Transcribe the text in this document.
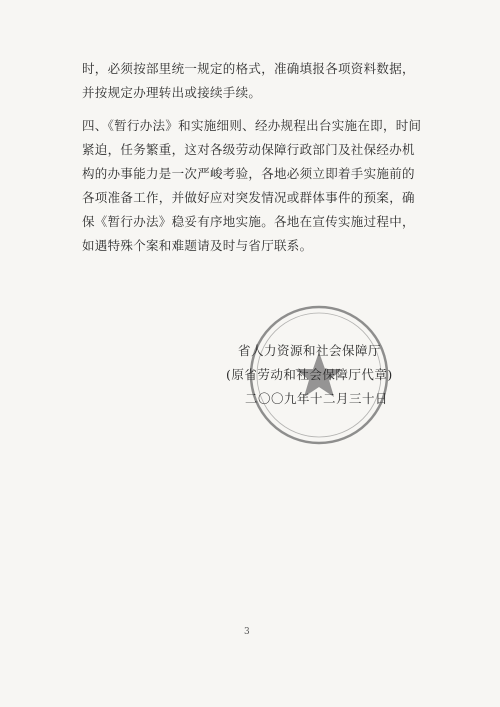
时，必须按部里统一规定的格式，准确填报各项资料数据，并按规定办理转出或接续手续。
四、《暂行办法》和实施细则、经办规程出台实施在即，时间紧迫，任务繁重，这对各级劳动保障行政部门及社保经办机构的办事能力是一次严峻考验，各地必须立即着手实施前的各项准备工作，并做好应对突发情况或群体事件的预案，确保《暂行办法》稳妥有序地实施。各地在宣传实施过程中，如遇特殊个案和难题请及时与省厅联系。
省人力资源和社会保障厅
(原省劳动和社会保障厅代章)
二〇〇九年十二月三十日
3
